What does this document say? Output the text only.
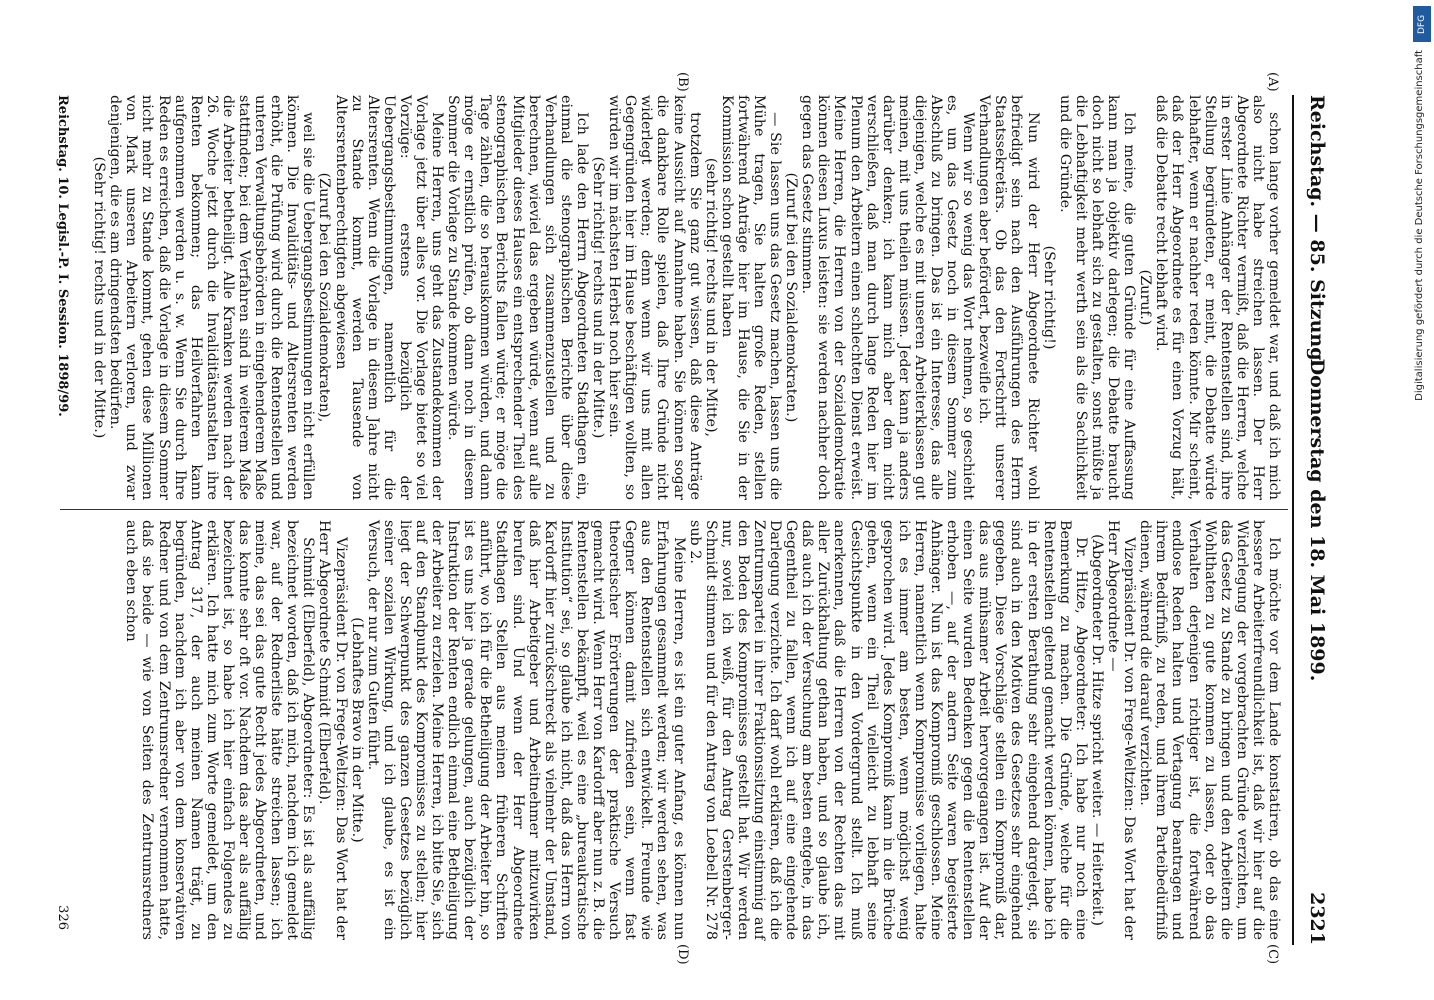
Reichstag. — 85. Sitzung.
Donnerstag den 18. Mai 1899.
2321
(A)
(B)
(C)
(D)

schon lange vorher gemeldet war, und daß ich mich also nicht habe streichen lassen. Der Herr Abgeordnete Richter vermißt, daß die Herren, welche in erster Linie Anhänger der Rentenstellen sind, ihre Stellung begründeten, er meint, die Debatte würde lebhafter, wenn er nachher reden könnte. Mir scheint, daß der Herr Abgeordnete es für einen Vorzug hält, daß die Debatte recht lebhaft wird.

(Zuruf.)

Ich meine, die guten Gründe für eine Auffassung kann man ja objektiv darlegen; die Debatte braucht doch nicht so lebhaft sich zu gestalten, sonst müßte ja die Lebhaftigkeit mehr werth sein als die Sachlichkeit und die Gründe.

(Sehr richtig!)

Nun wird der Herr Abgeordnete Richter wohl befriedigt sein nach den Ausführungen des Herrn Staatssekretärs. Ob das den Fortschritt unserer Verhandlungen aber befördert, bezweifle ich.

Wenn wir so wenig das Wort nehmen, so geschieht es, um das Gesetz noch in diesem Sommer zum Abschluß zu bringen. Das ist ein Interesse, das alle diejenigen, welche es mit unseren Arbeiterklassen gut meinen, mit uns theilen müssen. Jeder kann ja anders darüber denken; ich kann mich aber dem nicht verschließen, daß man durch lange Reden hier im Plenum den Arbeitern einen schlechten Dienst erweist. Meine Herren, die Herren von der Sozialdemokratie können diesen Luxus leisten: sie werden nachher doch gegen das Gesetz stimmen.

(Zuruf bei den Sozialdemokraten.)

— Sie lassen uns das Gesetz machen, lassen uns die Mühe tragen, Sie halten große Reden, stellen fortwährend Anträge hier im Hause, die Sie in der Kommission schon gestellt haben

(sehr richtig! rechts und in der Mitte),

trotzdem Sie ganz gut wissen, daß diese Anträge keine Aussicht auf Annahme haben. Sie können sogar die dankbare Rolle spielen, daß Ihre Gründe nicht widerlegt werden; denn wenn wir uns mit allen Gegengründen hier im Hause beschäftigen wollten, so würden wir im nächsten Herbst noch hier sein.

(Sehr richtig! rechts und in der Mitte.)

Ich lade den Herrn Abgeordneten Stadthagen ein, einmal die stenographischen Berichte über diese Verhandlungen sich zusammenzustellen und zu berechnen, wieviel das ergeben würde, wenn auf alle Mitglieder dieses Hauses ein entsprechender Theil des stenographischen Berichts fallen würde; er möge die Tage zählen, die so herauskommen würden, und dann möge er ernstlich prüfen, ob dann noch in diesem Sommer die Vorlage zu Stande kommen würde.

Meine Herren, uns geht das Zustandekommen der Vorlage jetzt über alles vor. Die Vorlage bietet so viel Vorzüge: erstens bezüglich der Uebergangsbestimmungen, namentlich für die Altersrenten. Wenn die Vorlage in diesem Jahre nicht zu Stande kommt, werden Tausende von Altersrentenberechtigten abgewiesen

(Zuruf bei den Sozialdemokraten),

weil sie die Uebergangsbestimmungen nicht erfüllen können. Die Invaliditäts- und Altersrenten werden erhöht, die Prüfung wird durch die Rentenstellen und unteren Verwaltungsbehörden in eingehenderem Maße stattfinden; bei dem Verfahren sind in weiterem Maße die Arbeiter betheiligt. Alle Kranken werden nach der 26. Woche jetzt durch die Invaliditätsanstalten ihre Renten bekommen; das Heilverfahren kann aufgenommen werden u. s. w. Wenn Sie durch Ihre Reden es erreichen, daß die Vorlage in diesem Sommer nicht mehr zu Stande kommt, gehen diese Millionen von Mark unseren Arbeitern verloren, und zwar denjenigen, die es am dringendsten bedürfen.

(Sehr richtig! rechts und in der Mitte.)

Ich möchte vor dem Lande konstatiren, ob das eine bessere Arbeiterfreundlichkeit ist, daß wir hier auf die Widerlegung der vorgebrachten Gründe verzichten, um das Gesetz zu Stande zu bringen und den Arbeitern die Wohlthaten zu gute kommen zu lassen, oder ob das Verhalten derjenigen richtiger ist, die fortwährend endlose Reden halten und Vertagung beantragen und ihrem Bedürfniß, zu reden, und ihrem Parteibedürfniß dienen, während die darauf verzichten.

Vizepräsident Dr. von Frege-Weltzien: Das Wort hat der Herr Abgeordnete —

(Abgeordneter Dr. Hitze spricht weiter. — Heiterkeit.)

Dr. Hitze, Abgeordneter: Ich habe nur noch eine Bemerkung zu machen. Die Gründe, welche für die Rentenstellen geltend gemacht werden können, habe ich in der ersten Berathung sehr eingehend dargelegt, sie sind auch in den Motiven des Gesetzes sehr eingehend gegeben. Diese Vorschläge stellen ein Kompromiß dar, das aus mühsamer Arbeit hervorgegangen ist. Auf der einen Seite wurden Bedenken gegen die Rentenstellen erhoben —, auf der andern Seite waren begeisterte Anhänger. Nun ist das Kompromiß geschlossen. Meine Herren, namentlich wenn Kompromisse vorliegen, halte ich es immer am besten, wenn möglichst wenig gesprochen wird. Jedes Kompromiß kann in die Brüche gehen, wenn ein Theil vielleicht zu lebhaft seine Gesichtspunkte in den Vordergrund stellt. Ich muß anerkennen, daß die Herren von der Rechten das mit aller Zurückhaltung gethan haben, und so glaube ich, daß auch ich der Versuchung am besten entgehe, in das Gegentheil zu fallen, wenn ich auf eine eingehende Darlegung verzichte. Ich darf wohl erklären, daß ich die Zentrumspartei in ihrer Fraktionssitzung einstimmig auf den Boden des Kompromisses gestellt hat. Wir werden nur, soviel ich weiß, für den Antrag Gerstenberger-Schmidt stimmen und für den Antrag von Loebell Nr. 278 sub 2.

Meine Herren, es ist ein guter Anfang, es können nun Erfahrungen gesammelt werden; wir werden sehen, was aus den Rentenstellen sich entwickelt. Freunde wie Gegner können damit zufrieden sein, wenn fast theoretischer Erörterungen der praktische Versuch gemacht wird. Wenn Herr von Kardorff aber nun z. B. die Rentenstellen bekämpft, weil es eine „bureaukratische Institution“ sei, so glaube ich nicht, daß das Herrn von Kardorff hier zurückschreckt als vielmehr der Umstand, daß hier Arbeitgeber und Arbeitnehmer mitzuwirken berufen sind. Und wenn der Herr Abgeordnete Stadthagen Stellen aus meinen früheren Schriften anführt, wo ich für die Betheiligung der Arbeiter bin, so ist es uns hier ja gerade gelungen, auch bezüglich der Instruktion der Renten endlich einmal eine Betheiligung der Arbeiter zu erzielen. Meine Herren, ich bitte Sie, sich auf den Standpunkt des Kompromisses zu stellen; hier liegt der Schwerpunkt des ganzen Gesetzes bezüglich seiner sozialen Wirkung, und ich glaube, es ist ein Versuch, der nur zum Guten führt.

(Lebhaftes Bravo in der Mitte.)

Vizepräsident Dr. von Frege-Weltzien: Das Wort hat der Herr Abgeordnete Schmidt (Elberfeld).

Schmidt (Elberfeld), Abgeordneter: Es ist als auffällig bezeichnet worden, daß ich mich, nachdem ich gemeldet war, auf der Rednerliste hätte streichen lassen; ich meine, das sei das gute Recht jedes Abgeordneten, und das konnte sehr oft vor. Nachdem das aber als auffällig bezeichnet ist, so habe ich hier einfach Folgendes zu erklären. Ich hatte mich zum Worte gemeldet, um den Antrag 317, der auch meinen Namen trägt, zu begründen, nachdem ich aber von dem konservativen Redner und von dem Zentrumsredner vernommen hatte, daß sie beide — wie von Seiten des Zentrumsredners auch eben schon

Reichstag. 10. Legisl.-P. I. Session. 1898/99.
326
DFG
Digitalisierung gefördert durch die Deutsche Forschungsgemeinschaft
